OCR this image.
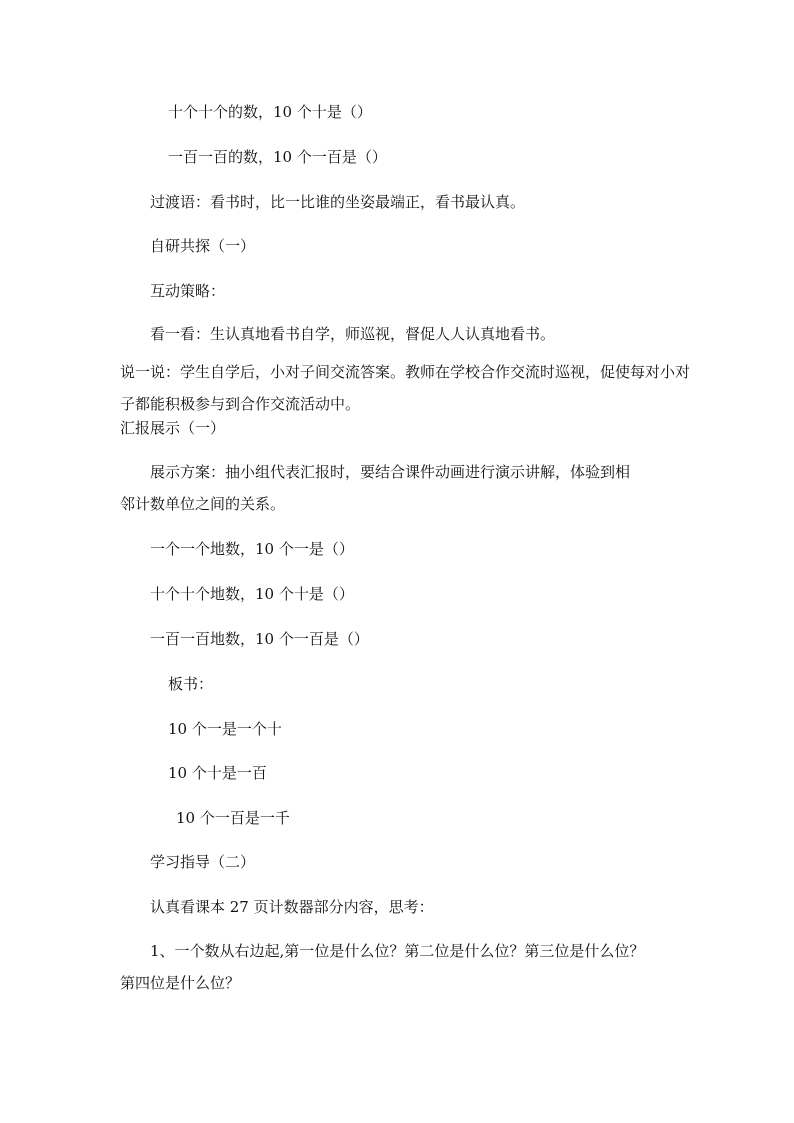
十个十个的数，10 个十是（）

一百一百的数，10 个一百是（）

过渡语：看书时，比一比谁的坐姿最端正，看书最认真。

自研共探（一）

互动策略：

看一看：生认真地看书自学，师巡视，督促人人认真地看书。

说一说：学生自学后，小对子间交流答案。教师在学校合作交流时巡视，促使每对小对子都能积极参与到合作交流活动中。

汇报展示（一）

展示方案：抽小组代表汇报时，要结合课件动画进行演示讲解，体验到相

邻计数单位之间的关系。

一个一个地数，10 个一是（）

十个十个地数，10 个十是（）

一百一百地数，10 个一百是（）

板书：

10 个一是一个十

10 个十是一百

10 个一百是一千

学习指导（二）

认真看课本 27 页计数器部分内容，思考：

1、一个数从右边起,第一位是什么位？第二位是什么位？第三位是什么位？

第四位是什么位？
